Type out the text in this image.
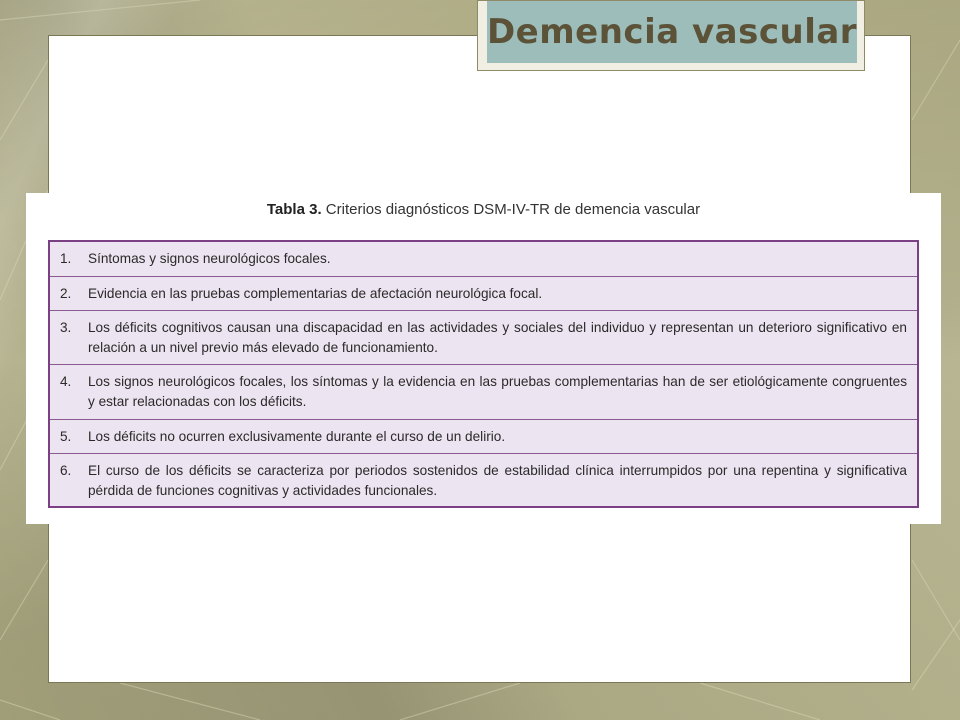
Tabla 3. Criterios diagnósticos DSM-IV-TR de demencia vascular
1.	Síntomas y signos neurológicos focales.
2.	Evidencia en las pruebas complementarias de afectación neurológica focal.
3.	Los déficits cognitivos causan una discapacidad en las actividades y sociales del individuo y representan un deterioro significativo en relación a un nivel previo más elevado de funcionamiento.
4.	Los signos neurológicos focales, los síntomas y la evidencia en las pruebas complementarias han de ser etiológicamente congruentes y estar relacionadas con los déficits.
5.	Los déficits no ocurren exclusivamente durante el curso de un delirio.
6.	El curso de los déficits se caracteriza por periodos sostenidos de estabilidad clínica interrumpidos por una repentina y significativa pérdida de funciones cognitivas y actividades funcionales.
Demencia vascular
